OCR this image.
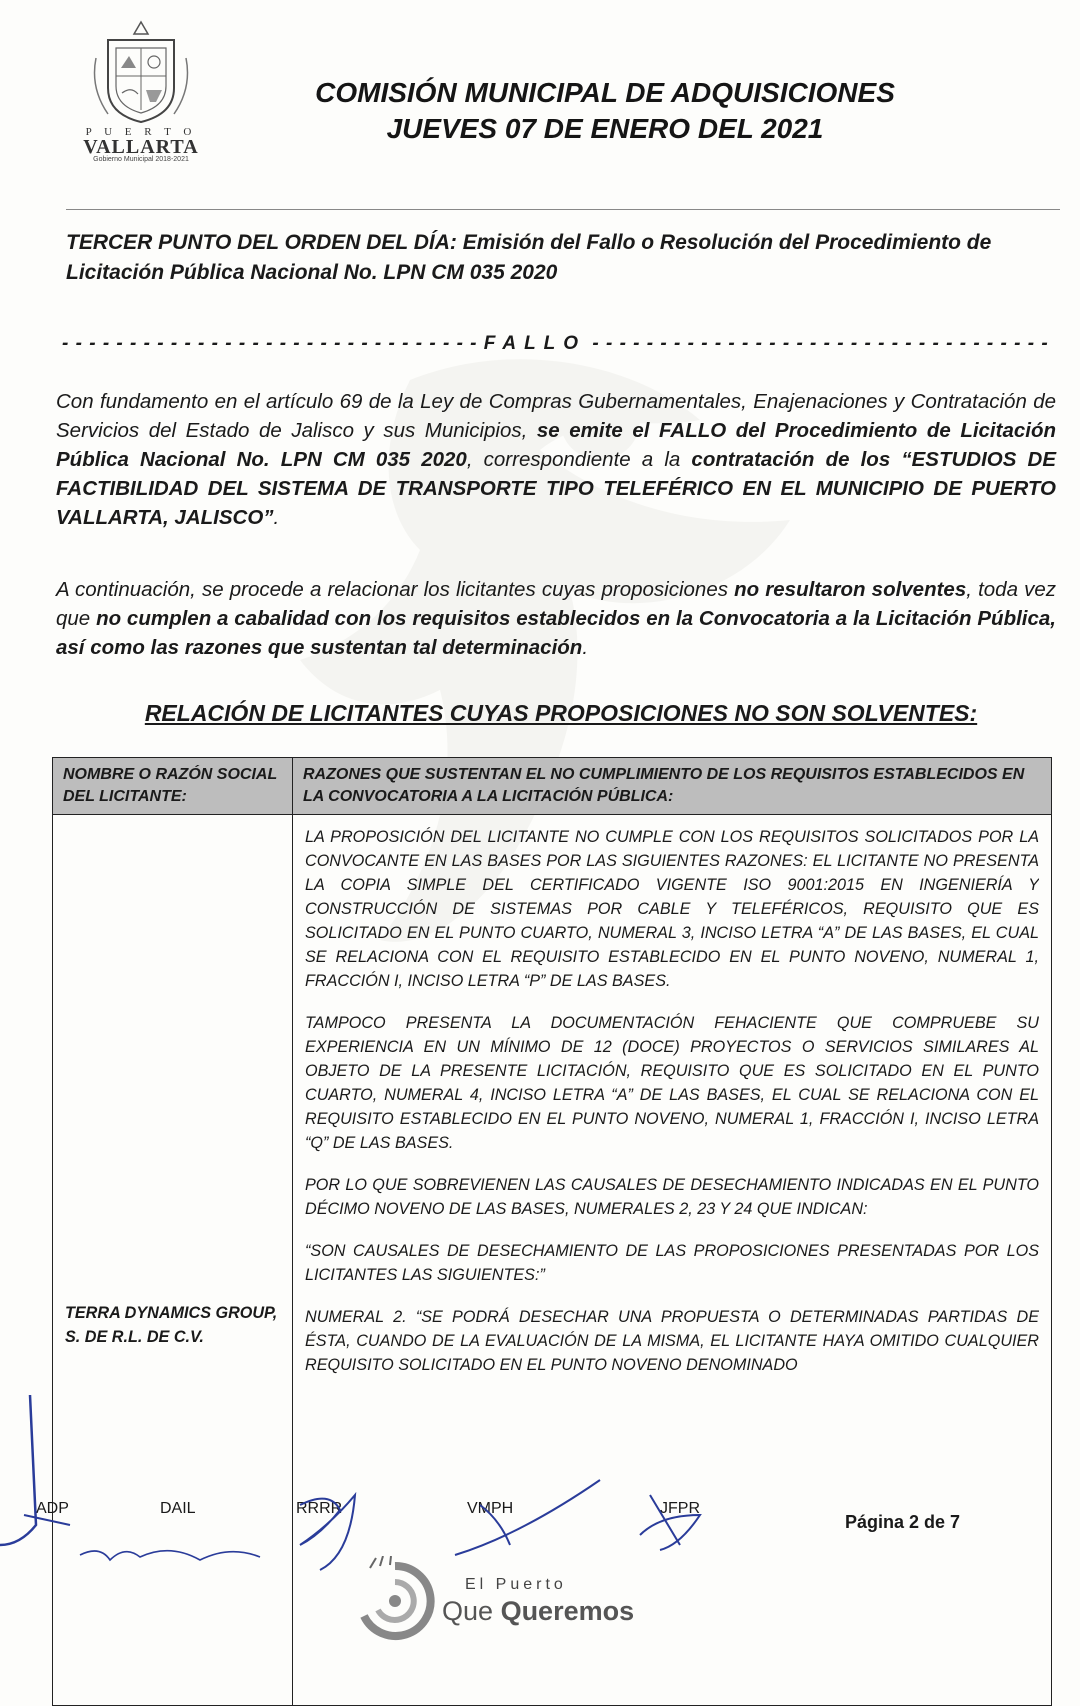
P U E R T O
VALLARTA
Gobierno Municipal 2018-2021
COMISIÓN MUNICIPAL DE ADQUISICIONES
JUEVES 07 DE ENERO DEL 2021
TERCER PUNTO DEL ORDEN DEL DÍA: Emisión del Fallo o Resolución del Procedimiento de Licitación Pública Nacional No. LPN CM 035 2020
- - - - - - - - - - - - - - - - - - - - - - - - - - - - - - - FALLO - - - - - - - - - - - - - - - - - - - - - - - - - - - - - - - - - -
Con fundamento en el artículo 69 de la Ley de Compras Gubernamentales, Enajenaciones y Contratación de Servicios del Estado de Jalisco y sus Municipios, se emite el FALLO del Procedimiento de Licitación Pública Nacional No. LPN CM 035 2020, correspondiente a la contratación de los “ESTUDIOS DE FACTIBILIDAD DEL SISTEMA DE TRANSPORTE TIPO TELEFÉRICO EN EL MUNICIPIO DE PUERTO VALLARTA, JALISCO”.
A continuación, se procede a relacionar los licitantes cuyas proposiciones no resultaron solventes, toda vez que no cumplen a cabalidad con los requisitos establecidos en la Convocatoria a la Licitación Pública, así como las razones que sustentan tal determinación.
RELACIÓN DE LICITANTES CUYAS PROPOSICIONES NO SON SOLVENTES:
NOMBRE O RAZÓN SOCIAL DEL LICITANTE:	RAZONES QUE SUSTENTAN EL NO CUMPLIMIENTO DE LOS REQUISITOS ESTABLECIDOS EN LA CONVOCATORIA A LA LICITACIÓN PÚBLICA:
TERRA DYNAMICS GROUP, S. DE R.L. DE C.V.	LA PROPOSICIÓN DEL LICITANTE NO CUMPLE CON LOS REQUISITOS SOLICITADOS POR LA CONVOCANTE EN LAS BASES POR LAS SIGUIENTES RAZONES: EL LICITANTE NO PRESENTA LA COPIA SIMPLE DEL CERTIFICADO VIGENTE ISO 9001:2015 EN INGENIERÍA Y CONSTRUCCIÓN DE SISTEMAS POR CABLE Y TELEFÉRICOS, REQUISITO QUE ES SOLICITADO EN EL PUNTO CUARTO, NUMERAL 3, INCISO LETRA “A” DE LAS BASES, EL CUAL SE RELACIONA CON EL REQUISITO ESTABLECIDO EN EL PUNTO NOVENO, NUMERAL 1, FRACCIÓN I, INCISO LETRA “P” DE LAS BASES.

TAMPOCO PRESENTA LA DOCUMENTACIÓN FEHACIENTE QUE COMPRUEBE SU EXPERIENCIA EN UN MÍNIMO DE 12 (DOCE) PROYECTOS O SERVICIOS SIMILARES AL OBJETO DE LA PRESENTE LICITACIÓN, REQUISITO QUE ES SOLICITADO EN EL PUNTO CUARTO, NUMERAL 4, INCISO LETRA “A” DE LAS BASES, EL CUAL SE RELACIONA CON EL REQUISITO ESTABLECIDO EN EL PUNTO NOVENO, NUMERAL 1, FRACCIÓN I, INCISO LETRA “Q” DE LAS BASES.

POR LO QUE SOBREVIENEN LAS CAUSALES DE DESECHAMIENTO INDICADAS EN EL PUNTO DÉCIMO NOVENO DE LAS BASES, NUMERALES 2, 23 Y 24 QUE INDICAN:

“SON CAUSALES DE DESECHAMIENTO DE LAS PROPOSICIONES PRESENTADAS POR LOS LICITANTES LAS SIGUIENTES:”

NUMERAL 2. “SE PODRÁ DESECHAR UNA PROPUESTA O DETERMINADAS PARTIDAS DE ÉSTA, CUANDO DE LA EVALUACIÓN DE LA MISMA, EL LICITANTE HAYA OMITIDO CUALQUIER REQUISITO SOLICITADO EN EL PUNTO NOVENO DENOMINADO

ADP	DAIL	RRRR	VMPH	JFPR
Página 2 de 7
El Puerto
Que Queremos
